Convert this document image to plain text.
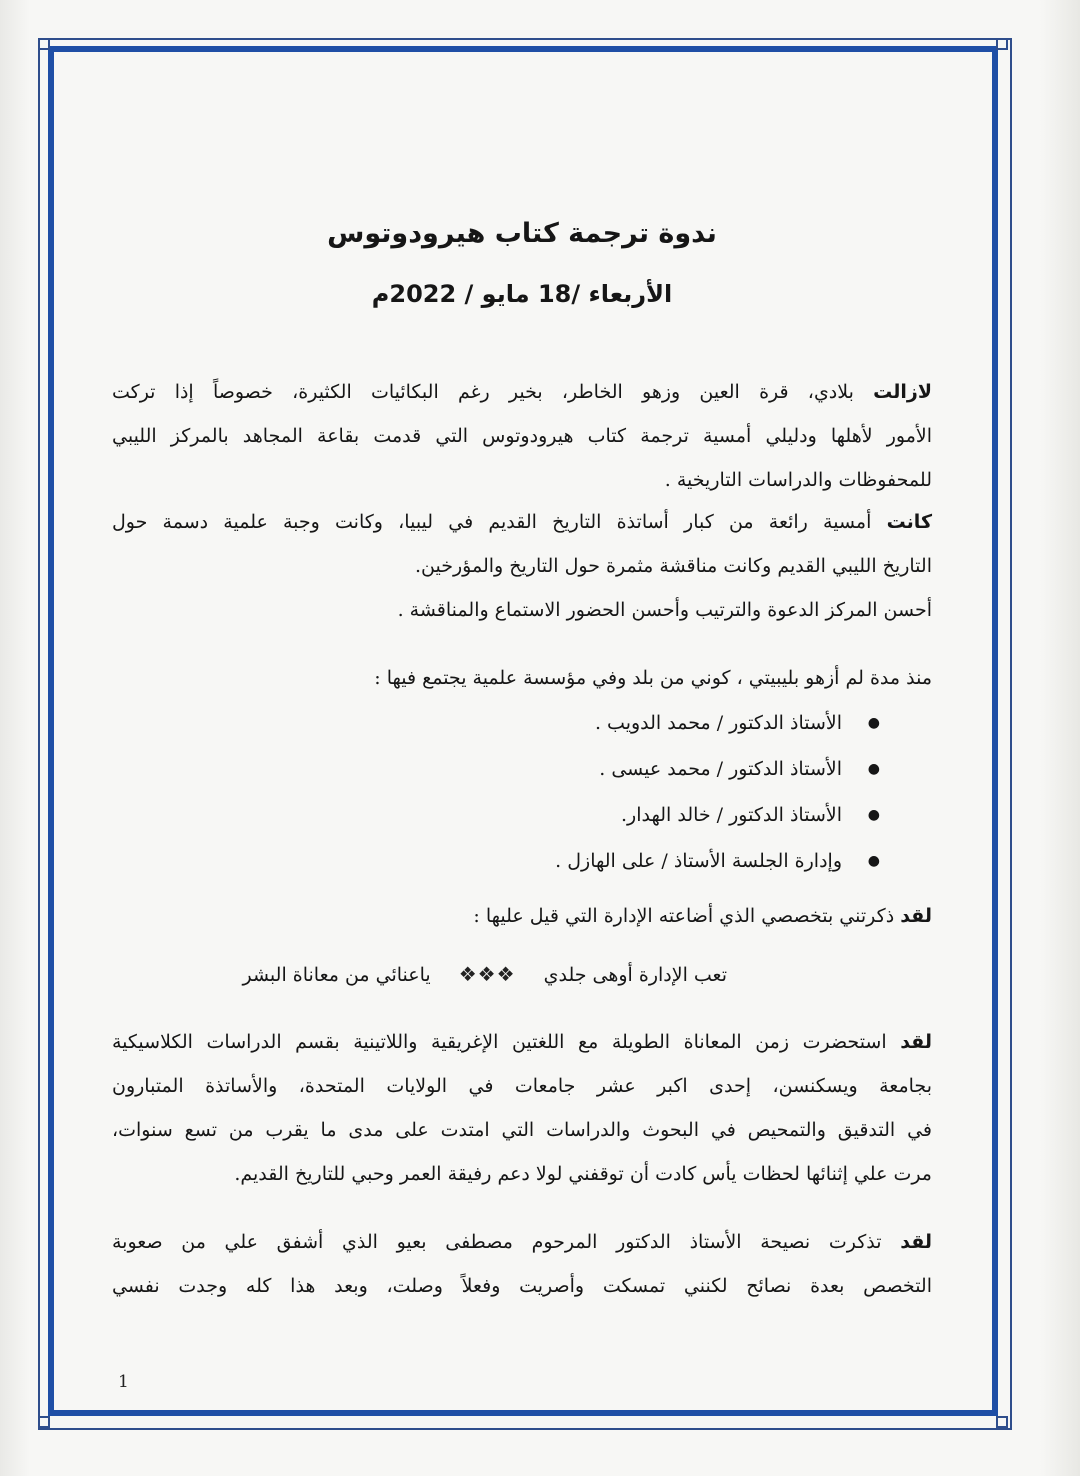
ندوة ترجمة كتاب هيرودوتوس
الأربعاء /18 مايو / 2022م
لازالت بلادي، قرة العين وزهو الخاطر، بخير رغم البكائيات الكثيرة، خصوصاً إذا تركت
الأمور لأهلها ودليلي أمسية ترجمة كتاب هيرودوتوس التي قدمت بقاعة المجاهد بالمركز الليبي
للمحفوظات والدراسات التاريخية .
كانت أمسية رائعة من كبار أساتذة التاريخ القديم في ليبيا، وكانت وجبة علمية دسمة حول
التاريخ الليبي القديم وكانت مناقشة مثمرة حول التاريخ والمؤرخين.
أحسن المركز الدعوة والترتيب وأحسن الحضور الاستماع والمناقشة .
منذ مدة لم أزهو بليبيتي ، كوني من بلد وفي مؤسسة علمية يجتمع فيها :
● الأستاذ الدكتور / محمد الدويب .
● الأستاذ الدكتور / محمد عيسى .
● الأستاذ الدكتور / خالد الهدار.
● وإدارة الجلسة الأستاذ / على الهازل .
لقد ذكرتني بتخصصي الذي أضاعته الإدارة التي قيل عليها :
تعب الإدارة أوهى جلدي ❖❖❖ ياعنائي من معاناة البشر
لقد استحضرت زمن المعاناة الطويلة مع اللغتين الإغريقية واللاتينية بقسم الدراسات الكلاسيكية
بجامعة ويسكنسن، إحدى اكبر عشر جامعات في الولايات المتحدة، والأساتذة المتبارون
في التدقيق والتمحيص في البحوث والدراسات التي امتدت على مدى ما يقرب من تسع سنوات،
مرت علي إثنائها لحظات يأس كادت أن توقفني لولا دعم رفيقة العمر وحبي للتاريخ القديم.
لقد تذكرت نصيحة الأستاذ الدكتور المرحوم مصطفى بعيو الذي أشفق علي من صعوبة
التخصص بعدة نصائح لكنني تمسكت وأصريت وفعلاً وصلت، وبعد هذا كله وجدت نفسي
1
